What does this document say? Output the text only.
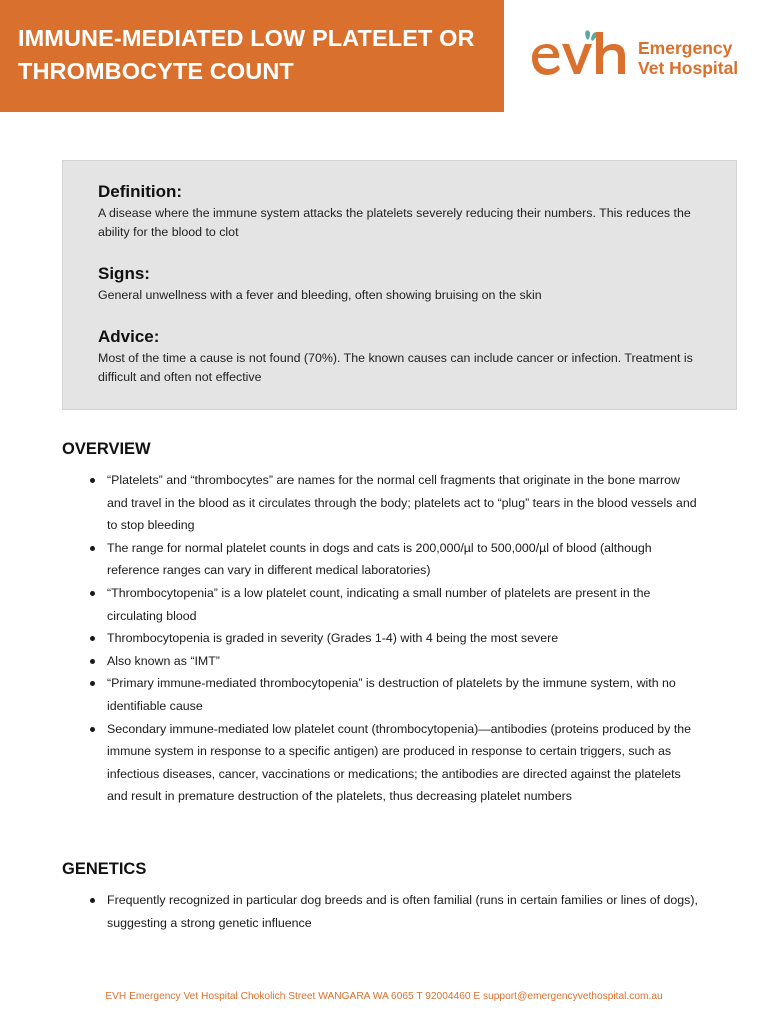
IMMUNE-MEDIATED LOW PLATELET OR
THROMBOCYTE COUNT
Emergency
Vet Hospital
Definition:

A disease where the immune system attacks the platelets severely reducing their numbers. This reduces the ability for the blood to clot

Signs:

General unwellness with a fever and bleeding, often showing bruising on the skin

Advice:

Most of the time a cause is not found (70%). The known causes can include cancer or infection. Treatment is difficult and often not effective

OVERVIEW
“Platelets” and “thrombocytes” are names for the normal cell fragments that originate in the bone marrow and travel in the blood as it circulates through the body; platelets act to “plug” tears in the blood vessels and to stop bleeding
The range for normal platelet counts in dogs and cats is 200,000/µl to 500,000/µl of blood (although reference ranges can vary in different medical laboratories)
“Thrombocytopenia” is a low platelet count, indicating a small number of platelets are present in the circulating blood
Thrombocytopenia is graded in severity (Grades 1-4) with 4 being the most severe
Also known as “IMT”
“Primary immune-mediated thrombocytopenia” is destruction of platelets by the immune system, with no identifiable cause
Secondary immune-mediated low platelet count (thrombocytopenia)—antibodies (proteins produced by the immune system in response to a specific antigen) are produced in response to certain triggers, such as infectious diseases, cancer, vaccinations or medications; the antibodies are directed against the platelets and result in premature destruction of the platelets, thus decreasing platelet numbers
GENETICS
Frequently recognized in particular dog breeds and is often familial (runs in certain families or lines of dogs), suggesting a strong genetic influence
EVH Emergency Vet Hospital Chokolich Street WANGARA WA 6065 T 92004460 E support@emergencyvethospital.com.au
